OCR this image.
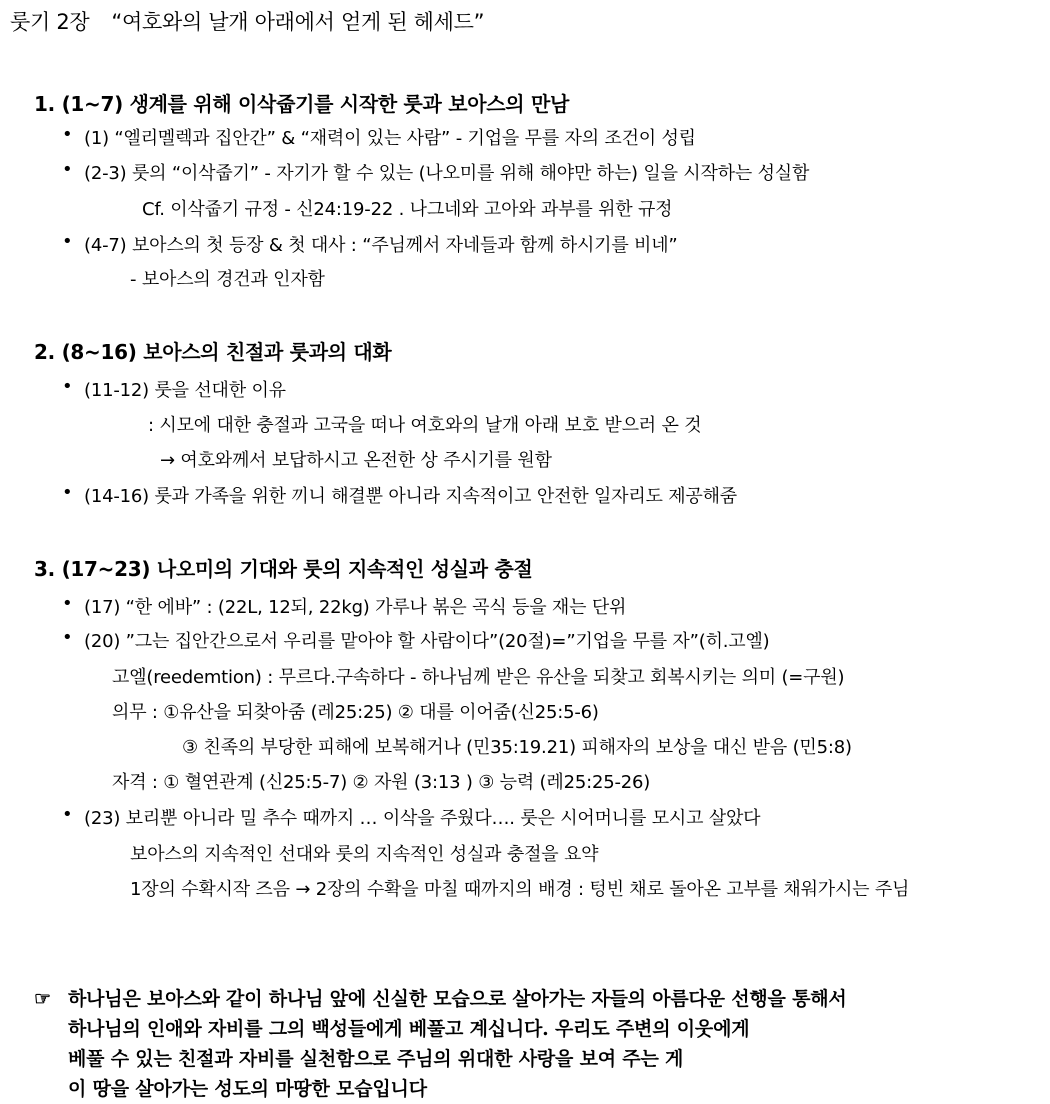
룻기 2장 “여호와의 날개 아래에서 얻게 된 헤세드”
1. (1~7) 생계를 위해 이삭줍기를 시작한 룻과 보아스의 만남
• (1) “엘리멜렉과 집안간” & “재력이 있는 사람” - 기업을 무를 자의 조건이 성립
• (2-3) 룻의 “이삭줍기” - 자기가 할 수 있는 (나오미를 위해 해야만 하는) 일을 시작하는 성실함
Cf. 이삭줍기 규정 - 신24:19-22 . 나그네와 고아와 과부를 위한 규정
• (4-7) 보아스의 첫 등장 & 첫 대사 : “주님께서 자네들과 함께 하시기를 비네”
- 보아스의 경건과 인자함
2. (8~16) 보아스의 친절과 룻과의 대화
• (11-12) 룻을 선대한 이유
: 시모에 대한 충절과 고국을 떠나 여호와의 날개 아래 보호 받으러 온 것
→ 여호와께서 보답하시고 온전한 상 주시기를 원함
• (14-16) 룻과 가족을 위한 끼니 해결뿐 아니라 지속적이고 안전한 일자리도 제공해줌
3. (17~23) 나오미의 기대와 룻의 지속적인 성실과 충절
• (17) “한 에바” : (22L, 12되, 22kg) 가루나 볶은 곡식 등을 재는 단위
• (20) ”그는 집안간으로서 우리를 맡아야 할 사람이다”(20절)=”기업을 무를 자”(히.고엘)
고엘(reedemtion) : 무르다.구속하다 - 하나님께 받은 유산을 되찾고 회복시키는 의미 (=구원)
의무 : ①유산을 되찾아줌 (레25:25) ② 대를 이어줌(신25:5-6)
③ 친족의 부당한 피해에 보복해거나 (민35:19.21) 피해자의 보상을 대신 받음 (민5:8)
자격 : ① 혈연관계 (신25:5-7) ② 자원 (3:13 ) ③ 능력 (레25:25-26)
• (23) 보리뿐 아니라 밀 추수 때까지 … 이삭을 주웠다…. 룻은 시어머니를 모시고 살았다
보아스의 지속적인 선대와 룻의 지속적인 성실과 충절을 요약
1장의 수확시작 즈음 → 2장의 수확을 마칠 때까지의 배경 : 텅빈 채로 돌아온 고부를 채워가시는 주님
☞ 하나님은 보아스와 같이 하나님 앞에 신실한 모습으로 살아가는 자들의 아름다운 선행을 통해서
하나님의 인애와 자비를 그의 백성들에게 베풀고 계십니다. 우리도 주변의 이웃에게
베풀 수 있는 친절과 자비를 실천함으로 주님의 위대한 사랑을 보여 주는 게
이 땅을 살아가는 성도의 마땅한 모습입니다
